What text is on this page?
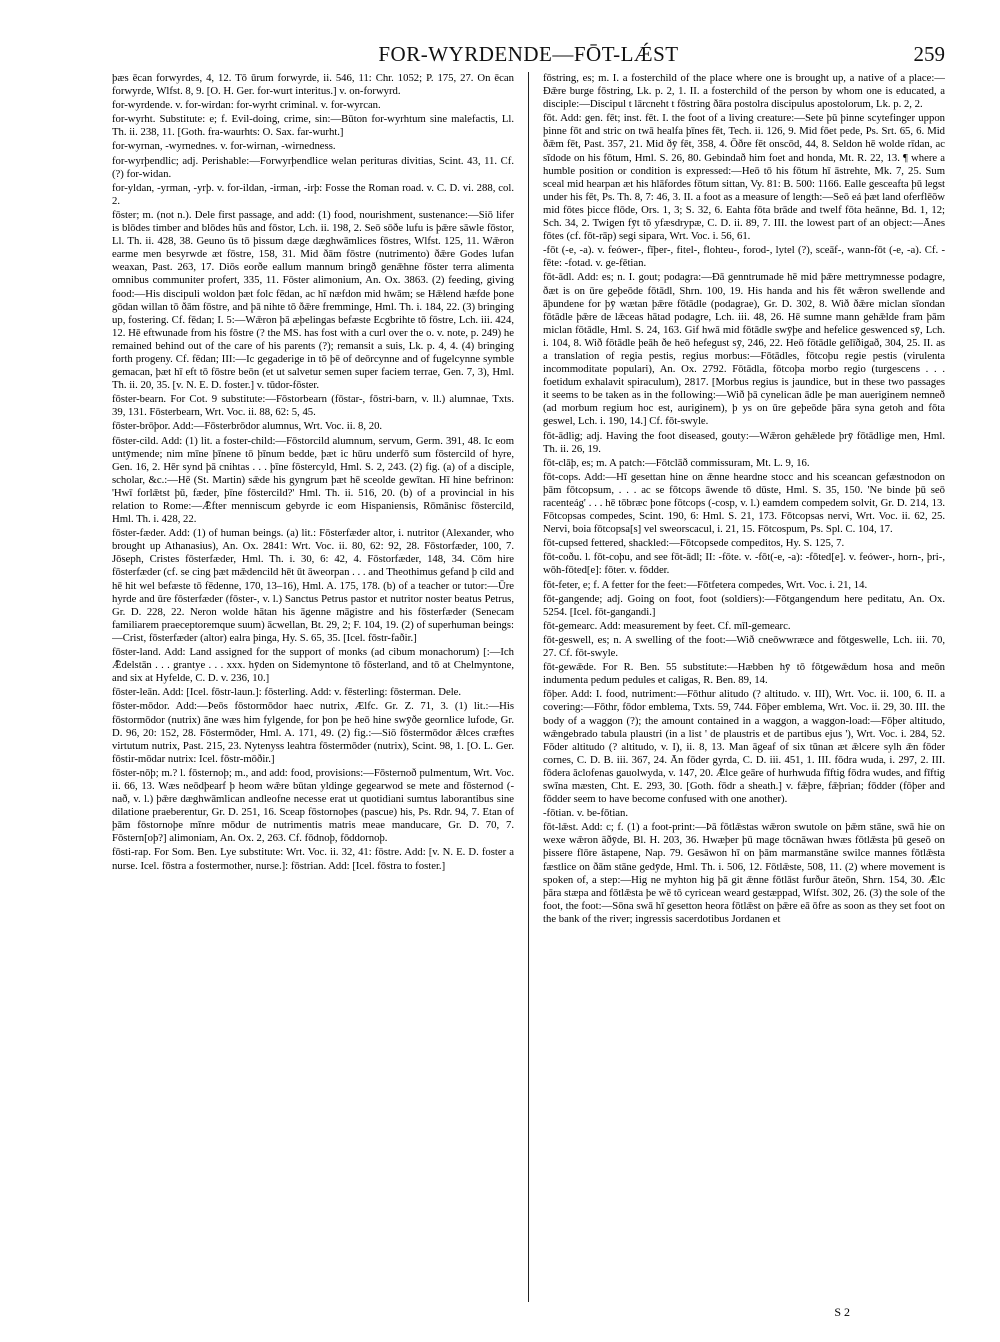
FOR-WYRDENDE—FŌT-LǼST	259

þæs ēcan forwyrdes, 4, 12. Tō ūrum forwyrde, ii. 546, 11: Chr. 1052; P. 175, 27. On ēcan forwyrde, Wlfst. 8, 9. [O. H. Ger. for-wurt interitus.] v. on-forwyrd.

for-wyrdende. v. for-wirdan: for-wyrht criminal. v. for-wyrcan.

for-wyrht. Substitute: e; f. Evil-doing, crime, sin:—Būton for-wyrhtum sine malefactis, Ll. Th. ii. 238, 11. [Goth. fra-waurhts: O. Sax. far-wurht.]

for-wyrnan, -wyrnednes. v. for-wirnan, -wirnedness.

for-wyrþendlic; adj. Perishable:—Forwyrþendlice welan perituras divitias, Scint. 43, 11. Cf. (?) for-widan.

for-yldan, -yrman, -yrþ. v. for-ildan, -irman, -irþ: Fosse the Roman road. v. C. D. vi. 288, col. 2.

fōster; m. (not n.). Dele first passage, and add: (1) food, nourishment, sustenance:—Siō lifer is blōdes timber and blōdes hūs and fōstor, Lch. ii. 198, 2. Seō sōðe lufu is þǣre sāwle fōstor, Ll. Th. ii. 428, 38. Geuno ūs tō þissum dæge dæghwāmlices fōstres, Wlfst. 125, 11. Wǣron earme men besyrwde æt fōstre, 158, 31. Mid ðām fōstre (nutrimento) ðǣre Godes lufan weaxan, Past. 263, 17. Diōs eorðe eallum mannum bringð genǣhne fōster terra alimenta omnibus communiter profert, 335, 11. Fōster alimonium, An. Ox. 3863. (2) feeding, giving food:—His discipuli woldon þæt folc fēdan, ac hī næfdon mid hwām; se Hǣlend hæfde þone gōdan willan tō ðām fōstre, and þā nihte tō ðǣre fremminge, Hml. Th. i. 184, 22. (3) bringing up, fostering. Cf. fēdan; I. 5:—Wǣron þā æþelingas befæste Ecgbrihte tō fōstre, Lch. iii. 424, 12. Hē eftwunade from his fōstre (? the MS. has fost with a curl over the o. v. note, p. 249) he remained behind out of the care of his parents (?); remansit a suis, Lk. p. 4, 4. (4) bringing forth progeny. Cf. fēdan; III:—Ic gegaderige in tō þē of deōrcynne and of fugelcynne symble gemacan, þæt hī eft tō fōstre beōn (et ut salvetur semen super faciem terrae, Gen. 7, 3), Hml. Th. ii. 20, 35. [v. N. E. D. foster.] v. tūdor-fōster.

fōster-bearn. For Cot. 9 substitute:—Fōstorbearn (fōstar-, fōstri-barn, v. ll.) alumnae, Txts. 39, 131. Fōsterbearn, Wrt. Voc. ii. 88, 62: 5, 45.

fōster-brōþor. Add:—Fōsterbrōdor alumnus, Wrt. Voc. ii. 8, 20.

fōster-cild. Add: (1) lit. a foster-child:—Fōstorcild alumnum, servum, Germ. 391, 48. Ic eom untȳmende; nim mīne þīnene tō þīnum bedde, þæt ic hūru underfō sum fōstercild of hyre, Gen. 16, 2. Hēr synd þā cnihtas . . . þīne fōstercyld, Hml. S. 2, 243. (2) fig. (a) of a disciple, scholar, &c.:—Hē (St. Martin) sǣde his gyngrum þæt hē sceolde gewītan. Hī hine befrinon: 'Hwī forlǣtst þū, fæder, þīne fōstercild?' Hml. Th. ii. 516, 20. (b) of a provincial in his relation to Rome:—Ǣfter menniscum gebyrde ic eom Hispaniensis, Rōmānisc fōstercild, Hml. Th. i. 428, 22.

fōster-fæder. Add: (1) of human beings. (a) lit.: Fōsterfæder altor, i. nutritor (Alexander, who brought up Athanasius), An. Ox. 2841: Wrt. Voc. ii. 80, 62: 92, 28. Fōstorfæder, 100, 7. Jōseph, Cristes fōsterfæder, Hml. Th. i. 30, 6: 42, 4. Fōstorfæder, 148, 34. Cōm hire fōsterfæder (cf. se cing þæt mǣdencild hēt ūt āweorpan . . . and Theothimus gefand þ cild and hē hit wel befæste tō fēdenne, 170, 13–16), Hml. A. 175, 178. (b) of a teacher or tutor:—Ūre hyrde and ūre fōsterfæder (fōster-, v. l.) Sanctus Petrus pastor et nutritor noster beatus Petrus, Gr. D. 228, 22. Neron wolde hātan his āgenne māgistre and his fōsterfæder (Senecam familiarem praeceptoremque suum) ācwellan, Bt. 29, 2; F. 104, 19. (2) of superhuman beings:—Crist, fōsterfæder (altor) ealra þinga, Hy. S. 65, 35. [Icel. fōstr-faðir.]

fōster-land. Add: Land assigned for the support of monks (ad cibum monachorum) [:—Ich Ǣdelstān . . . grantye . . . xxx. hȳden on Sidemyntone tō fōsterland, and tō at Chelmyntone, and six at Hyfelde, C. D. v. 236, 10.]

fōster-leān. Add: [Icel. fōstr-laun.]: fōsterling. Add: v. fēsterling: fōsterman. Dele.

fōster-mōdor. Add:—Þeōs fōstormōdor haec nutrix, Ælfc. Gr. Z. 71, 3. (1) lit.:—His fōstormōdor (nutrix) āne wæs him fylgende, for þon þe heō hine swȳðe geornlice lufode, Gr. D. 96, 20: 152, 28. Fōstermōder, Hml. A. 171, 49. (2) fig.:—Siō fōstermōdor ǣlces cræftes virtutum nutrix, Past. 215, 23. Nytenyss leahtra fōstermōder (nutrix), Scint. 98, 1. [O. L. Ger. fōstir-mōdar nutrix: Icel. fōstr-mōðir.]

fōster-nōþ; m.? l. fōsternoþ; m., and add: food, provisions:—Fōsternoð pulmentum, Wrt. Voc. ii. 66, 13. Wæs neōdþearf þ heom wǣre būtan yldinge gegearwod se mete and fōsternod (-nað, v. l.) þǣre dæghwāmlican andleofne necesse erat ut quotidiani sumtus laborantibus sine dilatione praeberentur, Gr. D. 251, 16. Sceap fōstornoþes (pascue) his, Ps. Rdr. 94, 7. Etan of þām fōstornoþe mīnre mōdur de nutrimentis matris meae manducare, Gr. D. 70, 7. Fōstern[oþ?] alimoniam, An. Ox. 2, 263. Cf. fōdnoþ, fōddornoþ.

fōsti-rap. For Som. Ben. Lye substitute: Wrt. Voc. ii. 32, 41: fōstre. Add: [v. N. E. D. foster a nurse. Icel. fōstra a fostermother, nurse.]: fōstrian. Add: [Icel. fōstra to foster.]

fōstring, es; m. I. a fosterchild of the place where one is brought up, a native of a place:—Ðǣre burge fōstring, Lk. p. 2, 1. II. a fosterchild of the person by whom one is educated, a disciple:—Discipul t lārcneht t fōstring ðāra postolra discipulus apostolorum, Lk. p. 2, 2.

fōt. Add: gen. fēt; inst. fēt. I. the foot of a living creature:—Sete þū þinne scytefinger uppon þinne fōt and stric on twā healfa þīnes fēt, Tech. ii. 126, 9. Mid fōet pede, Ps. Srt. 65, 6. Mid ðǣm fēt, Past. 357, 21. Mid ðȳ fēt, 358, 4. Ōðre fēt onscōd, 44, 8. Seldon hē wolde rīdan, ac sīdode on his fōtum, Hml. S. 26, 80. Gebindað him foet and honda, Mt. R. 22, 13. ¶ where a humble position or condition is expressed:—Heō tō his fōtum hī āstrehte, Mk. 7, 25. Sum sceal mid hearpan æt his hlāfordes fōtum sittan, Vy. 81: B. 500: 1166. Ealle gesceafta þū legst under his fēt, Ps. Th. 8, 7: 46, 3. II. a foot as a measure of length:—Seō eá þæt land oferflēōw mid fōtes þicce flōde, Ors. 1, 3; S. 32, 6. Eahta fōta brāde and twelf fōta heānne, Bd. 1, 12; Sch. 34, 2. Twigen fȳt tō yfæsdrypæ, C. D. ii. 89, 7. III. the lowest part of an object:—Ānes fōtes (cf. fōt-rāp) segi sipara, Wrt. Voc. i. 56, 61.

-fōt (-e, -a). v. feówer-, fīþer-, fitel-, flohteu-, forod-, lytel (?), sceāf-, wann-fōt (-e, -a). Cf. -fēte: -fotad. v. ge-fētian.

fōt-ādl. Add: es; n. I. gout; podagra:—Ðā genntrumade hē mid þǣre mettrymnesse podagre, ðæt is on ūre geþeōde fōtādl, Shrn. 100, 19. His handa and his fēt wǣron swellende and āþundene for þȳ wætan þǣre fōtādle (podagrae), Gr. D. 302, 8. Wið ðǣre miclan sīondan fōtādle þǣre de lǣceas hātad podagre, Lch. iii. 48, 26. Hē sumne mann gehǣlde fram þām miclan fōtādle, Hml. S. 24, 163. Gif hwā mid fōtādle swȳþe and hefelice geswenced sȳ, Lch. i. 104, 8. Wið fōtādle þeāh ðe heō hefegust sȳ, 246, 22. Heō fōtādle gelīðigað, 304, 25. II. as a translation of regia pestis, regius morbus:—Fōtādles, fōtcoþu regie pestis (virulenta incommoditate populari), An. Ox. 2792. Fōtādla, fōtcoþa morbo regio (turgescens . . . foetidum exhalavit spiraculum), 2817. [Morbus regius is jaundice, but in these two passages it seems to be taken as in the following:—Wið þā cynelican ādle þe man aueriginem nemneð (ad morbum regium hoc est, auriginem), þ ys on ūre geþeōde þāra syna getoh and fōta geswel, Lch. i. 190, 14.] Cf. fōt-swyle.

fōt-ādlig; adj. Having the foot diseased, gouty:—Wǣron gehǣlede þrȳ fōtādlige men, Hml. Th. ii. 26, 19.

fōt-clāþ, es; m. A patch:—Fōtclāð commissuram, Mt. L. 9, 16.

fōt-cops. Add:—Hī gesettan hine on ǣnne heardne stocc and his sceancan gefæstnodon on þām fōtcopsum, . . . ac se fōtcops āwende tō dūste, Hml. S. 35, 150. 'Ne binde þū seō racenteág' . . . hē tōbræc þone fōtcops (-cosp, v. l.) eamdem compedem solvit, Gr. D. 214, 13. Fōtcopsas compedes, Scint. 190, 6: Hml. S. 21, 173. Fōtcopsas nervi, Wrt. Voc. ii. 62, 25. Nervi, boia fōtcopsa[s] vel sweorscacul, i. 21, 15. Fōtcospum, Ps. Spl. C. 104, 17.

fōt-cupsed fettered, shackled:—Fōtcopsede compeditos, Hy. S. 125, 7.

fōt-coðu. l. fōt-coþu, and see fōt-ādl; II: -fōte. v. -fōt(-e, -a): -fōted[e]. v. feówer-, horn-, þri-, wōh-fōted[e]: fōter. v. fōdder.

fōt-feter, e; f. A fetter for the feet:—Fōtfetera compedes, Wrt. Voc. i. 21, 14.

fōt-gangende; adj. Going on foot, foot (soldiers):—Fōtgangendum here peditatu, An. Ox. 5254. [Icel. fōt-gangandi.]

fōt-gemearc. Add: measurement by feet. Cf. mīl-gemearc.

fōt-geswell, es; n. A swelling of the foot:—Wið cneōwwræce and fōtgeswelle, Lch. iii. 70, 27. Cf. fōt-swyle.

fōt-gewǣde. For R. Ben. 55 substitute:—Hæbben hȳ tō fōtgewǣdum hosa and meōn indumenta pedum pedules et caligas, R. Ben. 89, 14.

fōþer. Add: I. food, nutriment:—Fōthur alitudo (? altitudo. v. III), Wrt. Voc. ii. 100, 6. II. a covering:—Fōthr, fōdor emblema, Txts. 59, 744. Fōþer emblema, Wrt. Voc. ii. 29, 30. III. the body of a waggon (?); the amount contained in a waggon, a waggon-load:—Fōþer altitudo, wǣngebrado tabula plaustri (in a list ' de plaustris et de partibus ejus '), Wrt. Voc. i. 284, 52. Fōder altitudo (? altitudo, v. I), ii. 8, 13. Man āgeaf of six tūnan æt ǣlcere sylh ǣn fōder cornes, C. D. B. iii. 367, 24. Ān fōder gyrda, C. D. iii. 451, 1. III. fōdra wuda, i. 297, 2. III. fōdera āclofenas gauolwyda, v. 147, 20. Ǣlce geāre of hurhwuda fīftig fōdra wudes, and fīftig swīna mæsten, Cht. E. 293, 30. [Goth. fōdr a sheath.] v. fǣþre, fǣþrian; fōdder (fōþer and fōdder seem to have become confused with one another).

-fōtian. v. be-fōtian.

fōt-lǣst. Add: c; f. (1) a foot-print:—Þā fōtlǣstas wǣron swutole on þǣm stāne, swā hie on wexe wǣron āðȳde, Bl. H. 203, 36. Hwæþer þū mage tōcnāwan hwæs fōtlǣsta þū geseō on þissere flōre āstapene, Nap. 79. Gesāwon hī on þām marmanstāne swilce mannes fōtlǣsta fæstlice on ðām stāne gedȳde, Hml. Th. i. 506, 12. Fōtlǣste, 508, 11. (2) where movement is spoken of, a step:—Hig ne myhton hig þā git ǣnne fōtlāst furður āteōn, Shrn. 154, 30. Ǣlc þāra stæpa and fōtlǣsta þe wē tō cyricean weard gestæppad, Wlfst. 302, 26. (3) the sole of the foot, the foot:—Sōna swā hī gesetton heora fōtlǣst on þǣre eā ōfre as soon as they set foot on the bank of the river; ingressis sacerdotibus Jordanen et

S 2
